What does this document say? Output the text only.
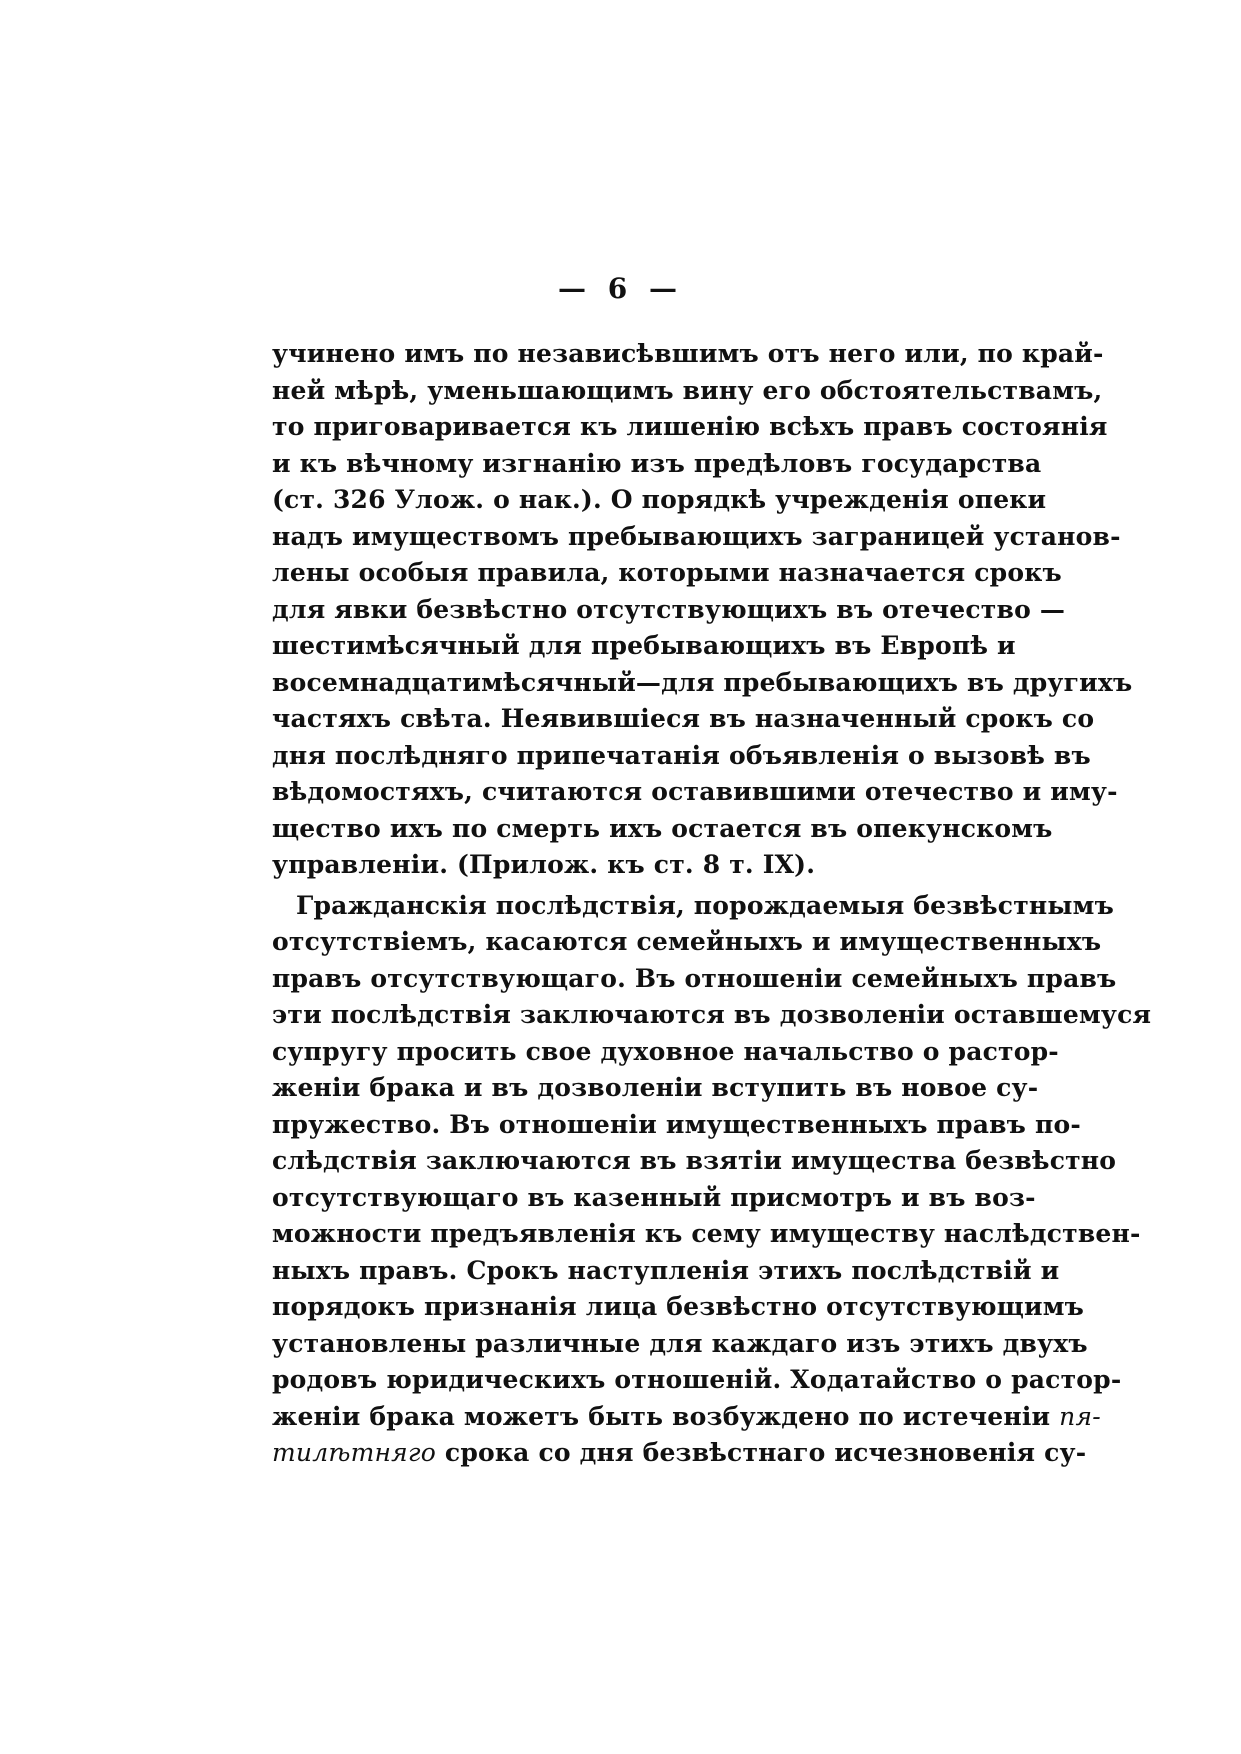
— 6 —
учинено имъ по независѣвшимъ отъ него или, по край-
ней мѣрѣ, уменьшающимъ вину его обстоятельствамъ,
то приговаривается къ лишенію всѣхъ правъ состоянія
и къ вѣчному изгнанію изъ предѣловъ государства
(ст. 326 Улож. о нак.). О порядкѣ учрежденія опеки
надъ имуществомъ пребывающихъ заграницей установ-
лены особыя правила, которыми назначается срокъ
для явки безвѣстно отсутствующихъ въ отечество —
шестимѣсячный для пребывающихъ въ Европѣ и
восемнадцатимѣсячный—для пребывающихъ въ другихъ
частяхъ свѣта. Неявившіеся въ назначенный срокъ со
дня послѣдняго припечатанія объявленія о вызовѣ въ
вѣдомостяхъ, считаются оставившими отечество и иму-
щество ихъ по смерть ихъ остается въ опекунскомъ
управленіи. (Прилож. къ ст. 8 т. IX).
Гражданскія послѣдствія, порождаемыя безвѣстнымъ
отсутствіемъ, касаются семейныхъ и имущественныхъ
правъ отсутствующаго. Въ отношеніи семейныхъ правъ
эти послѣдствія заключаются въ дозволеніи оставшемуся
супругу просить свое духовное начальство о растор-
женіи брака и въ дозволеніи вступить въ новое су-
пружество. Въ отношеніи имущественныхъ правъ по-
слѣдствія заключаются въ взятіи имущества безвѣстно
отсутствующаго въ казенный присмотръ и въ воз-
можности предъявленія къ сему имуществу наслѣдствен-
ныхъ правъ. Срокъ наступленія этихъ послѣдствій и
порядокъ признанія лица безвѣстно отсутствующимъ
установлены различные для каждаго изъ этихъ двухъ
родовъ юридическихъ отношеній. Ходатайство о растор-
женіи брака можетъ быть возбуждено по истеченіи пя-
тилѣтняго срока со дня безвѣстнаго исчезновенія су-
